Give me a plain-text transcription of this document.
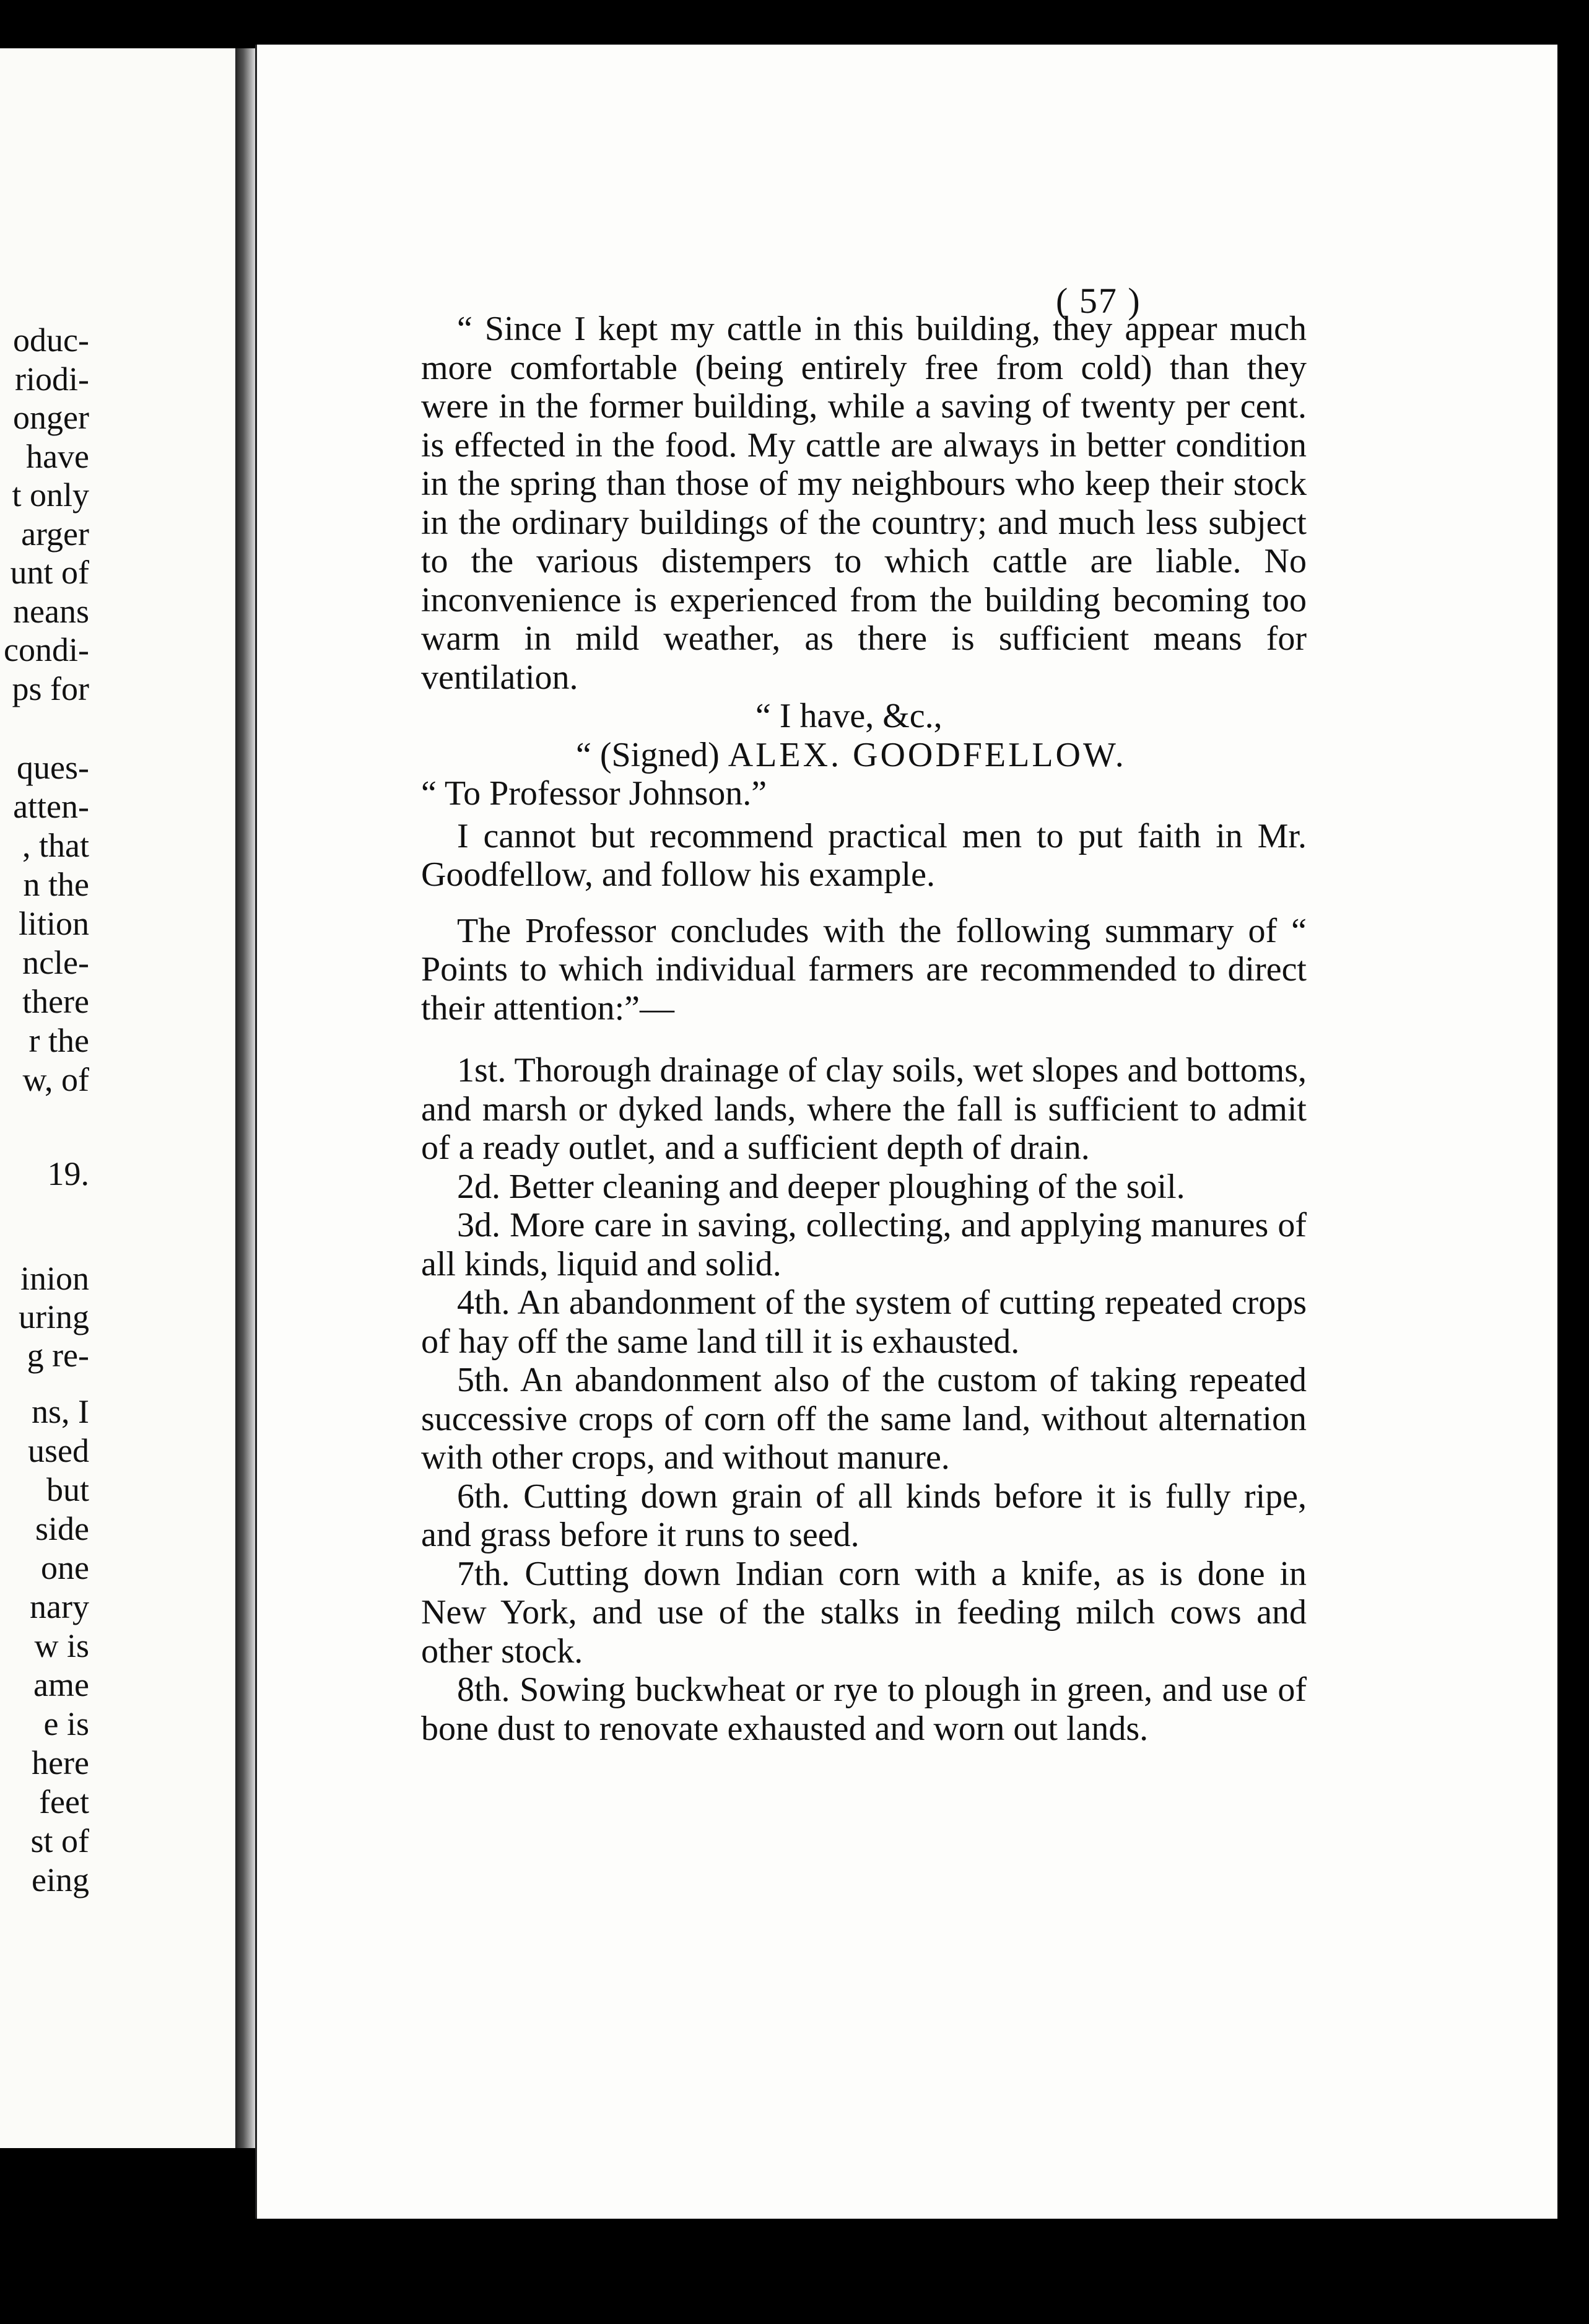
oduc-
riodi-
onger
have
t only
arger
unt of
neans
condi-
ps for
ques-
atten-
, that
n the
lition
ncle-
there
r the
w, of
19.
inion
uring
g re-
ns, I
used
but
side
one
nary
w is
ame
e is
here
feet
st of
eing
( 57 )

“ Since I kept my cattle in this building, they appear much more comfortable (being entirely free from cold) than they were in the former building, while a saving of twenty per cent. is effected in the food. My cattle are always in better condition in the spring than those of my neighbours who keep their stock in the ordinary buildings of the country; and much less subject to the various distempers to which cattle are liable. No inconvenience is experienced from the building becoming too warm in mild weather, as there is sufficient means for ventilation.

“ I have, &c.,

“ (Signed) ALEX. GOODFELLOW.

“ To Professor Johnson.”

I cannot but recommend practical men to put faith in Mr. Goodfellow, and follow his example.

The Professor concludes with the following summary of “ Points to which individual farmers are recommended to direct their attention:”—

1st. Thorough drainage of clay soils, wet slopes and bottoms, and marsh or dyked lands, where the fall is sufficient to admit of a ready outlet, and a sufficient depth of drain.

2d. Better cleaning and deeper ploughing of the soil.

3d. More care in saving, collecting, and applying manures of all kinds, liquid and solid.

4th. An abandonment of the system of cutting repeated crops of hay off the same land till it is exhausted.

5th. An abandonment also of the custom of taking repeated successive crops of corn off the same land, without alternation with other crops, and without manure.

6th. Cutting down grain of all kinds before it is fully ripe, and grass before it runs to seed.

7th. Cutting down Indian corn with a knife, as is done in New York, and use of the stalks in feeding milch cows and other stock.

8th. Sowing buckwheat or rye to plough in green, and use of bone dust to renovate exhausted and worn out lands.
